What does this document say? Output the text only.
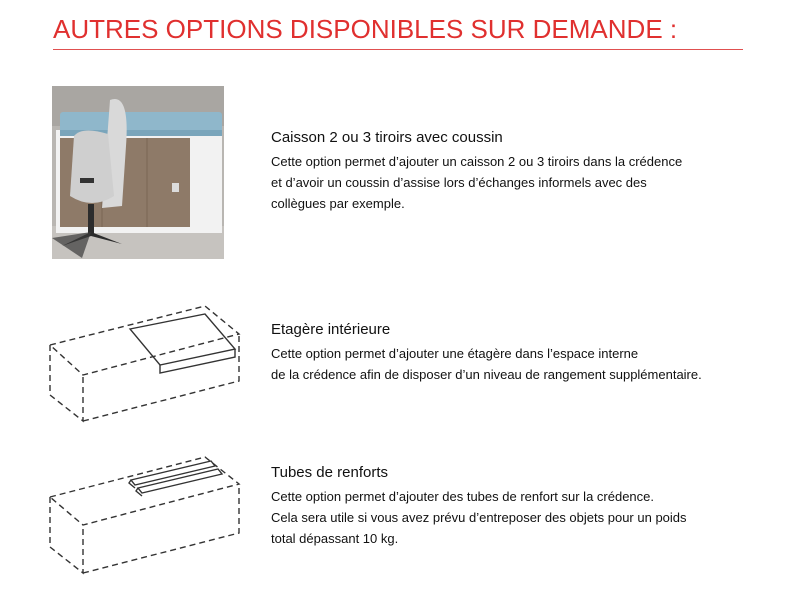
AUTRES OPTIONS DISPONIBLES SUR DEMANDE :
Caisson 2 ou 3 tiroirs avec coussin

Cette option permet d’ajouter un caisson 2 ou 3 tiroirs dans la crédence

et d’avoir un coussin d’assise lors d’échanges informels avec des

collègues par exemple.

Etagère intérieure

Cette option permet d’ajouter une étagère dans l’espace interne

de la crédence afin de disposer d’un niveau de rangement supplémentaire.

Tubes de renforts

Cette option permet d’ajouter des tubes de renfort sur la crédence.

Cela sera utile si vous avez prévu d’entreposer des objets pour un poids

total dépassant 10 kg.
